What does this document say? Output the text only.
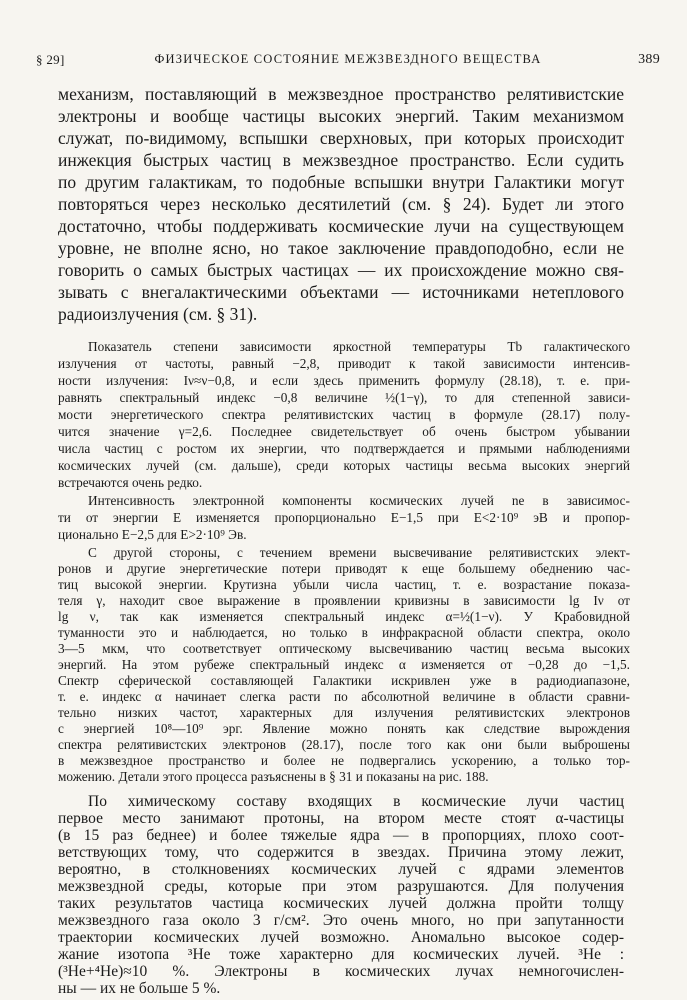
§ 29]	ФИЗИЧЕСКОЕ СОСТОЯНИЕ МЕЖЗВЕЗДНОГО ВЕЩЕСТВА	389
механизм, поставляющий в межзвездное пространство релятивистские
электроны и вообще частицы высоких энергий. Таким механизмом
служат, по-видимому, вспышки сверхновых, при которых происходит
инжекция быстрых частиц в межзвездное пространство. Если судить
по другим галактикам, то подобные вспышки внутри Галактики могут
повторяться через несколько десятилетий (см. § 24). Будет ли этого
достаточно, чтобы поддерживать космические лучи на существующем
уровне, не вполне ясно, но такое заключение правдоподобно, если не
говорить о самых быстрых частицах — их происхождение можно свя-
зывать с внегалактическими объектами — источниками нетеплового
радиоизлучения (см. § 31).
Показатель степени зависимости яркостной температуры Tb галактического
излучения от частоты, равный −2,8, приводит к такой зависимости интенсив-
ности излучения: Iν≈ν−0,8, и если здесь применить формулу (28.18), т. е. при-
равнять спектральный индекс −0,8 величине ½(1−γ), то для степенной зависи-
мости энергетического спектра релятивистских частиц в формуле (28.17) полу-
чится значение γ=2,6. Последнее свидетельствует об очень быстром убывании
числа частиц с ростом их энергии, что подтверждается и прямыми наблюдениями
космических лучей (см. дальше), среди которых частицы весьма высоких энергий
встречаются очень редко.
Интенсивность электронной компоненты космических лучей ne в зависимос-
ти от энергии E изменяется пропорционально E−1,5 при E<2·10⁹ эВ и пропор-
ционально E−2,5 для E>2·10⁹ Эв.
С другой стороны, с течением времени высвечивание релятивистских элект-
ронов и другие энергетические потери приводят к еще большему обеднению час-
тиц высокой энергии. Крутизна убыли числа частиц, т. е. возрастание показа-
теля γ, находит свое выражение в проявлении кривизны в зависимости lg Iν от
lg ν, так как изменяется спектральный индекс α=½(1−ν). У Крабовидной
туманности это и наблюдается, но только в инфракрасной области спектра, около
3—5 мкм, что соответствует оптическому высвечиванию частиц весьма высоких
энергий. На этом рубеже спектральный индекс α изменяется от −0,28 до −1,5.
Спектр сферической составляющей Галактики искривлен уже в радиодиапазоне,
т. е. индекс α начинает слегка расти по абсолютной величине в области сравни-
тельно низких частот, характерных для излучения релятивистских электронов
с энергией 10⁸—10⁹ эрг. Явление можно понять как следствие вырождения
спектра релятивистских электронов (28.17), после того как они были выброшены
в межзвездное пространство и более не подвергались ускорению, а только тор-
можению. Детали этого процесса разъяснены в § 31 и показаны на рис. 188.
По химическому составу входящих в космические лучи частиц
первое место занимают протоны, на втором месте стоят α-частицы
(в 15 раз беднее) и более тяжелые ядра — в пропорциях, плохо соот-
ветствующих тому, что содержится в звездах. Причина этому лежит,
вероятно, в столкновениях космических лучей с ядрами элементов
межзвездной среды, которые при этом разрушаются. Для получения
таких результатов частица космических лучей должна пройти толщу
межзвездного газа около 3 г/см². Это очень много, но при запутанности
траектории космических лучей возможно. Аномально высокое содер-
жание изотопа ³He тоже характерно для космических лучей. ³He :
(³He+⁴He)≈10 %. Электроны в космических лучах немногочислен-
ны — их не больше 5 %.
